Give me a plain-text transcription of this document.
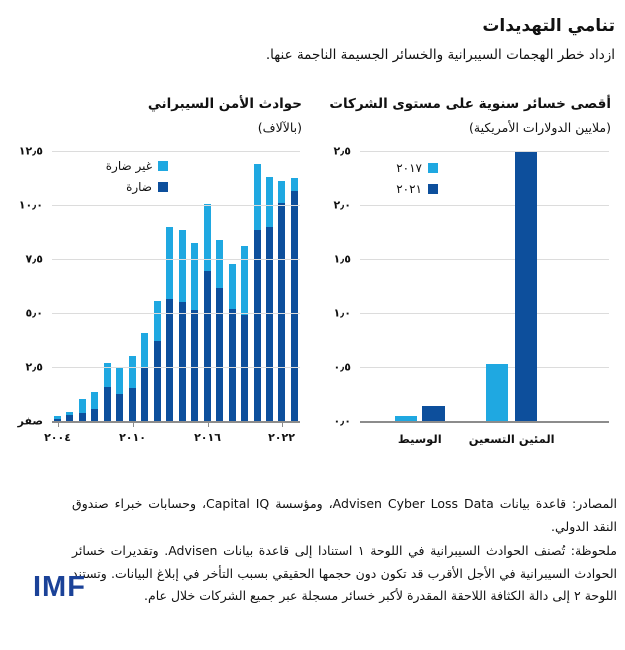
تنامي التهديدات

ازداد خطر الهجمات السيبرانية والخسائر الجسيمة الناجمة عنها.

حوادث الأمن السيبراني

(بالآلاف)

١٢٫٥
١٠٫٠
٧٫٥
٥٫٠
٢٫٥
صفر
٢٠٠٤	٢٠١٠	٢٠١٦	٢٠٢٢
غير ضارة
ضارة
أقصى خسائر سنوية على مستوى الشركات

(ملايين الدولارات الأمريكية)

٢٫٥
٢٫٠
١٫٥
١٫٠
٠٫٥
٠٫٠
الوسيط المئين التسعين
٢٠١٧
٢٠٢١

المصادر: قاعدة بيانات Advisen Cyber Loss Data، ومؤسسة Capital IQ، وحسابات خبراء صندوق النقد الدولي.

ملحوظة: تُصنف الحوادث السيبرانية في اللوحة ١ استنادا إلى قاعدة بيانات Advisen. وتقديرات خسائر الحوادث السيبرانية في الأجل الأقرب قد تكون دون حجمها الحقيقي بسبب التأخر في إبلاغ البيانات. وتستند اللوحة ٢ إلى دالة الكثافة اللاحقة المقدرة لأكبر خسائر مسجلة عبر جميع الشركات خلال عام.

IMF
